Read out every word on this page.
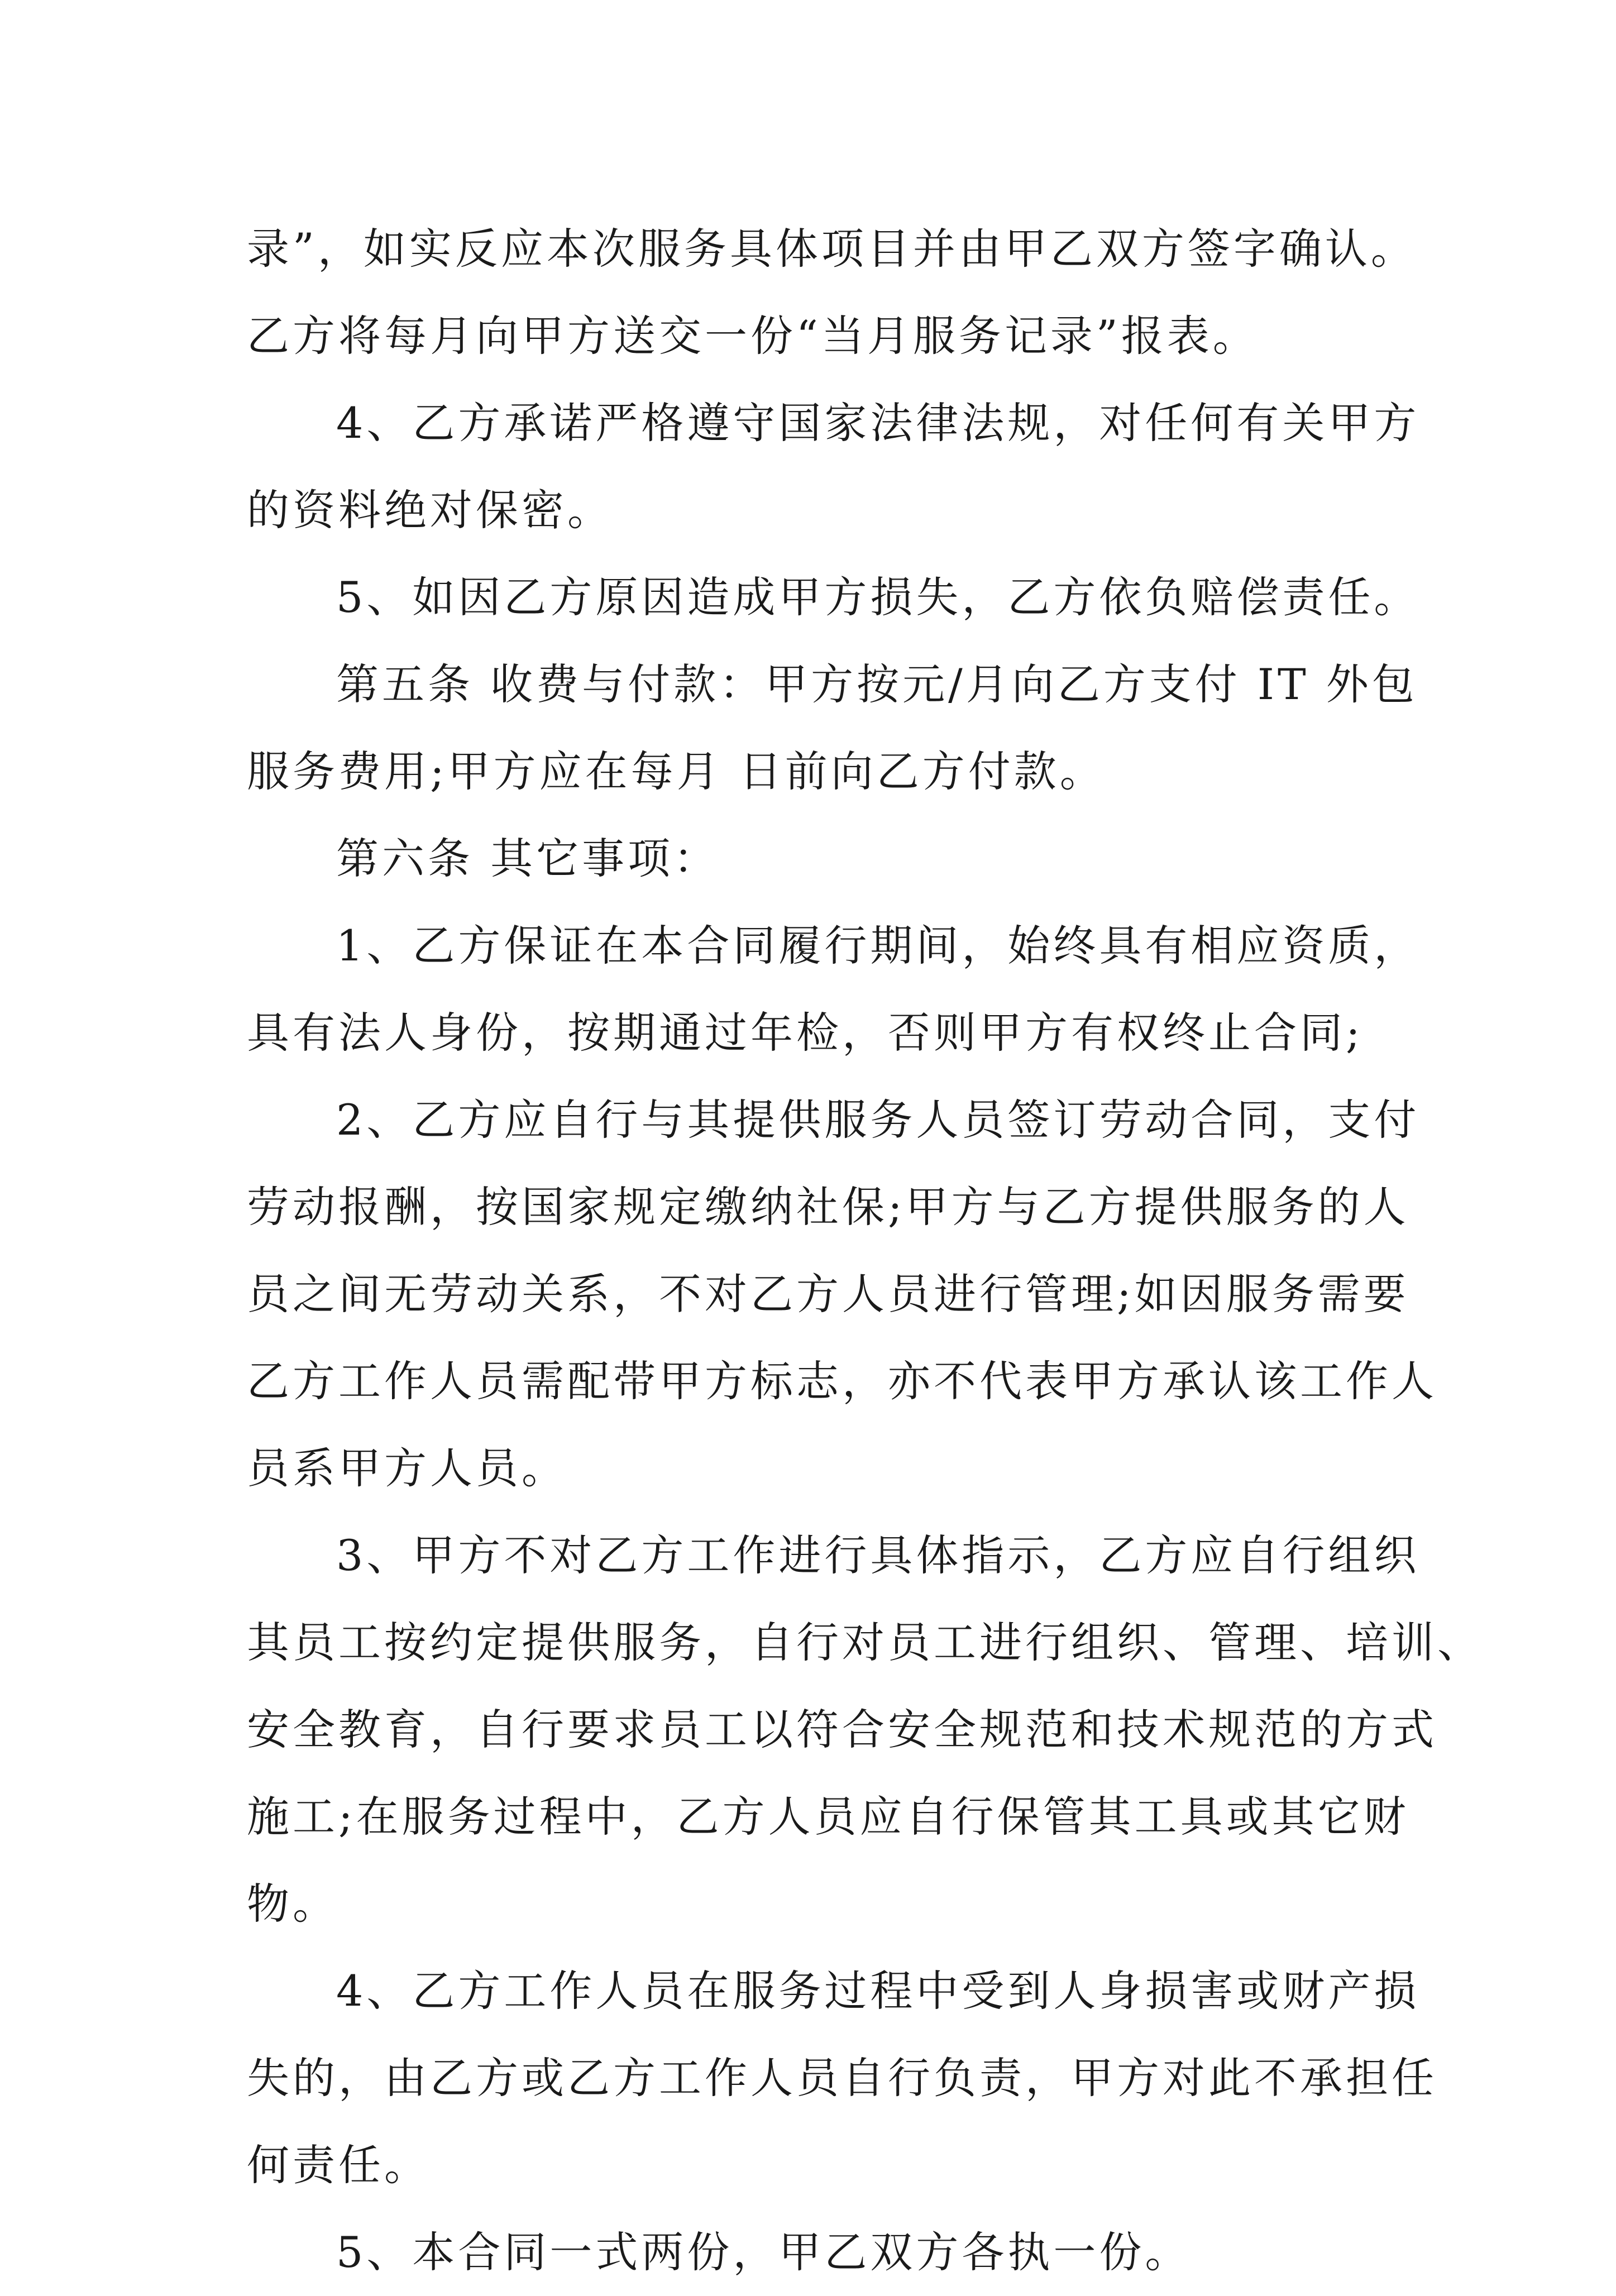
录”，如实反应本次服务具体项目并由甲乙双方签字确认。
乙方将每月向甲方送交一份“当月服务记录”报表。
4、乙方承诺严格遵守国家法律法规，对任何有关甲方
的资料绝对保密。
5、如因乙方原因造成甲方损失，乙方依负赔偿责任。
第五条 收费与付款：甲方按元/月向乙方支付 IT 外包
服务费用;甲方应在每月 日前向乙方付款。
第六条 其它事项：
1、乙方保证在本合同履行期间，始终具有相应资质，
具有法人身份，按期通过年检，否则甲方有权终止合同;
2、乙方应自行与其提供服务人员签订劳动合同，支付
劳动报酬，按国家规定缴纳社保;甲方与乙方提供服务的人
员之间无劳动关系，不对乙方人员进行管理;如因服务需要
乙方工作人员需配带甲方标志，亦不代表甲方承认该工作人
员系甲方人员。
3、甲方不对乙方工作进行具体指示，乙方应自行组织
其员工按约定提供服务，自行对员工进行组织、管理、培训、
安全教育，自行要求员工以符合安全规范和技术规范的方式
施工;在服务过程中，乙方人员应自行保管其工具或其它财
物。
4、乙方工作人员在服务过程中受到人身损害或财产损
失的，由乙方或乙方工作人员自行负责，甲方对此不承担任
何责任。
5、本合同一式两份，甲乙双方各执一份。
